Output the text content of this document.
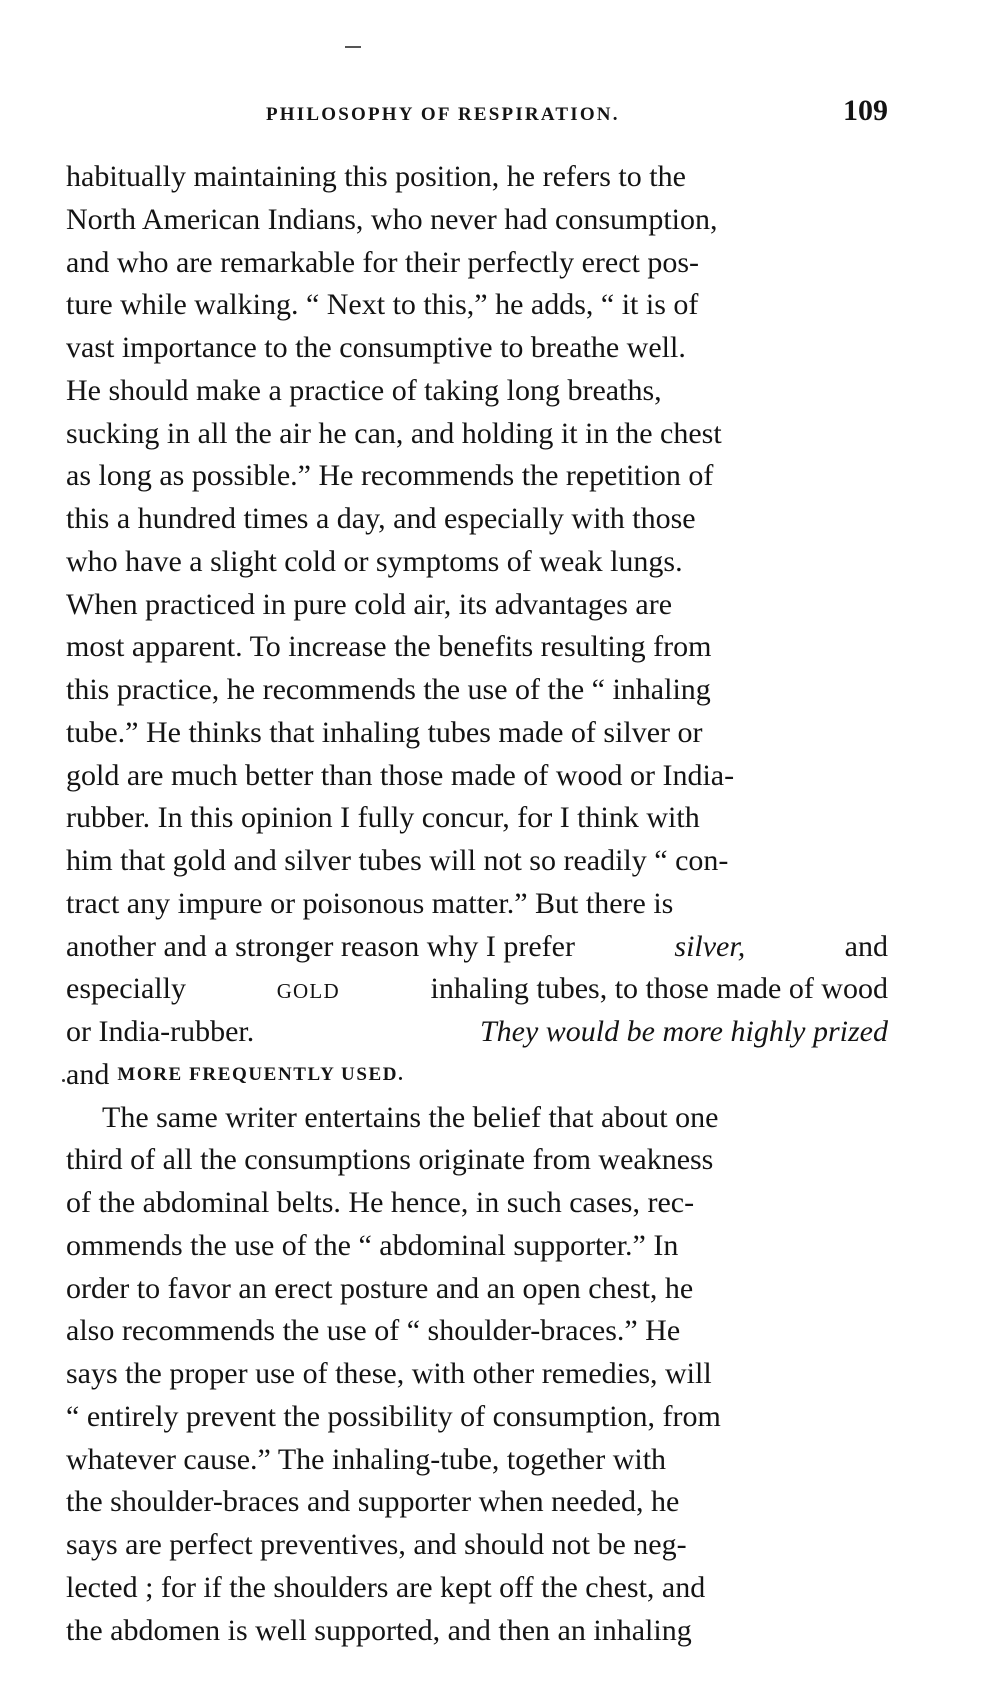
PHILOSOPHY OF RESPIRATION.	109
habitually maintaining this position, he refers to the
North American Indians, who never had consumption,
and who are remarkable for their perfectly erect pos-
ture while walking. “ Next to this,” he adds, “ it is of
vast importance to the consumptive to breathe well.
He should make a practice of taking long breaths,
sucking in all the air he can, and holding it in the chest
as long as possible.” He recommends the repetition of
this a hundred times a day, and especially with those
who have a slight cold or symptoms of weak lungs.
When practiced in pure cold air, its advantages are
most apparent. To increase the benefits resulting from
this practice, he recommends the use of the “ inhaling
tube.” He thinks that inhaling tubes made of silver or
gold are much better than those made of wood or India-
rubber. In this opinion I fully concur, for I think with
him that gold and silver tubes will not so readily “ con-
tract any impure or poisonous matter.” But there is
another and a stronger reason why I prefer	silver,	and
especially	gold	inhaling tubes, to those made of wood
or India-rubber.	They would be more highly prized
and MORE FREQUENTLY USED.
The same writer entertains the belief that about one
third of all the consumptions originate from weakness
of the abdominal belts. He hence, in such cases, rec-
ommends the use of the “ abdominal supporter.” In
order to favor an erect posture and an open chest, he
also recommends the use of “ shoulder-braces.” He
says the proper use of these, with other remedies, will
“ entirely prevent the possibility of consumption, from
whatever cause.” The inhaling-tube, together with
the shoulder-braces and supporter when needed, he
says are perfect preventives, and should not be neg-
lected ; for if the shoulders are kept off the chest, and
the abdomen is well supported, and then an inhaling
